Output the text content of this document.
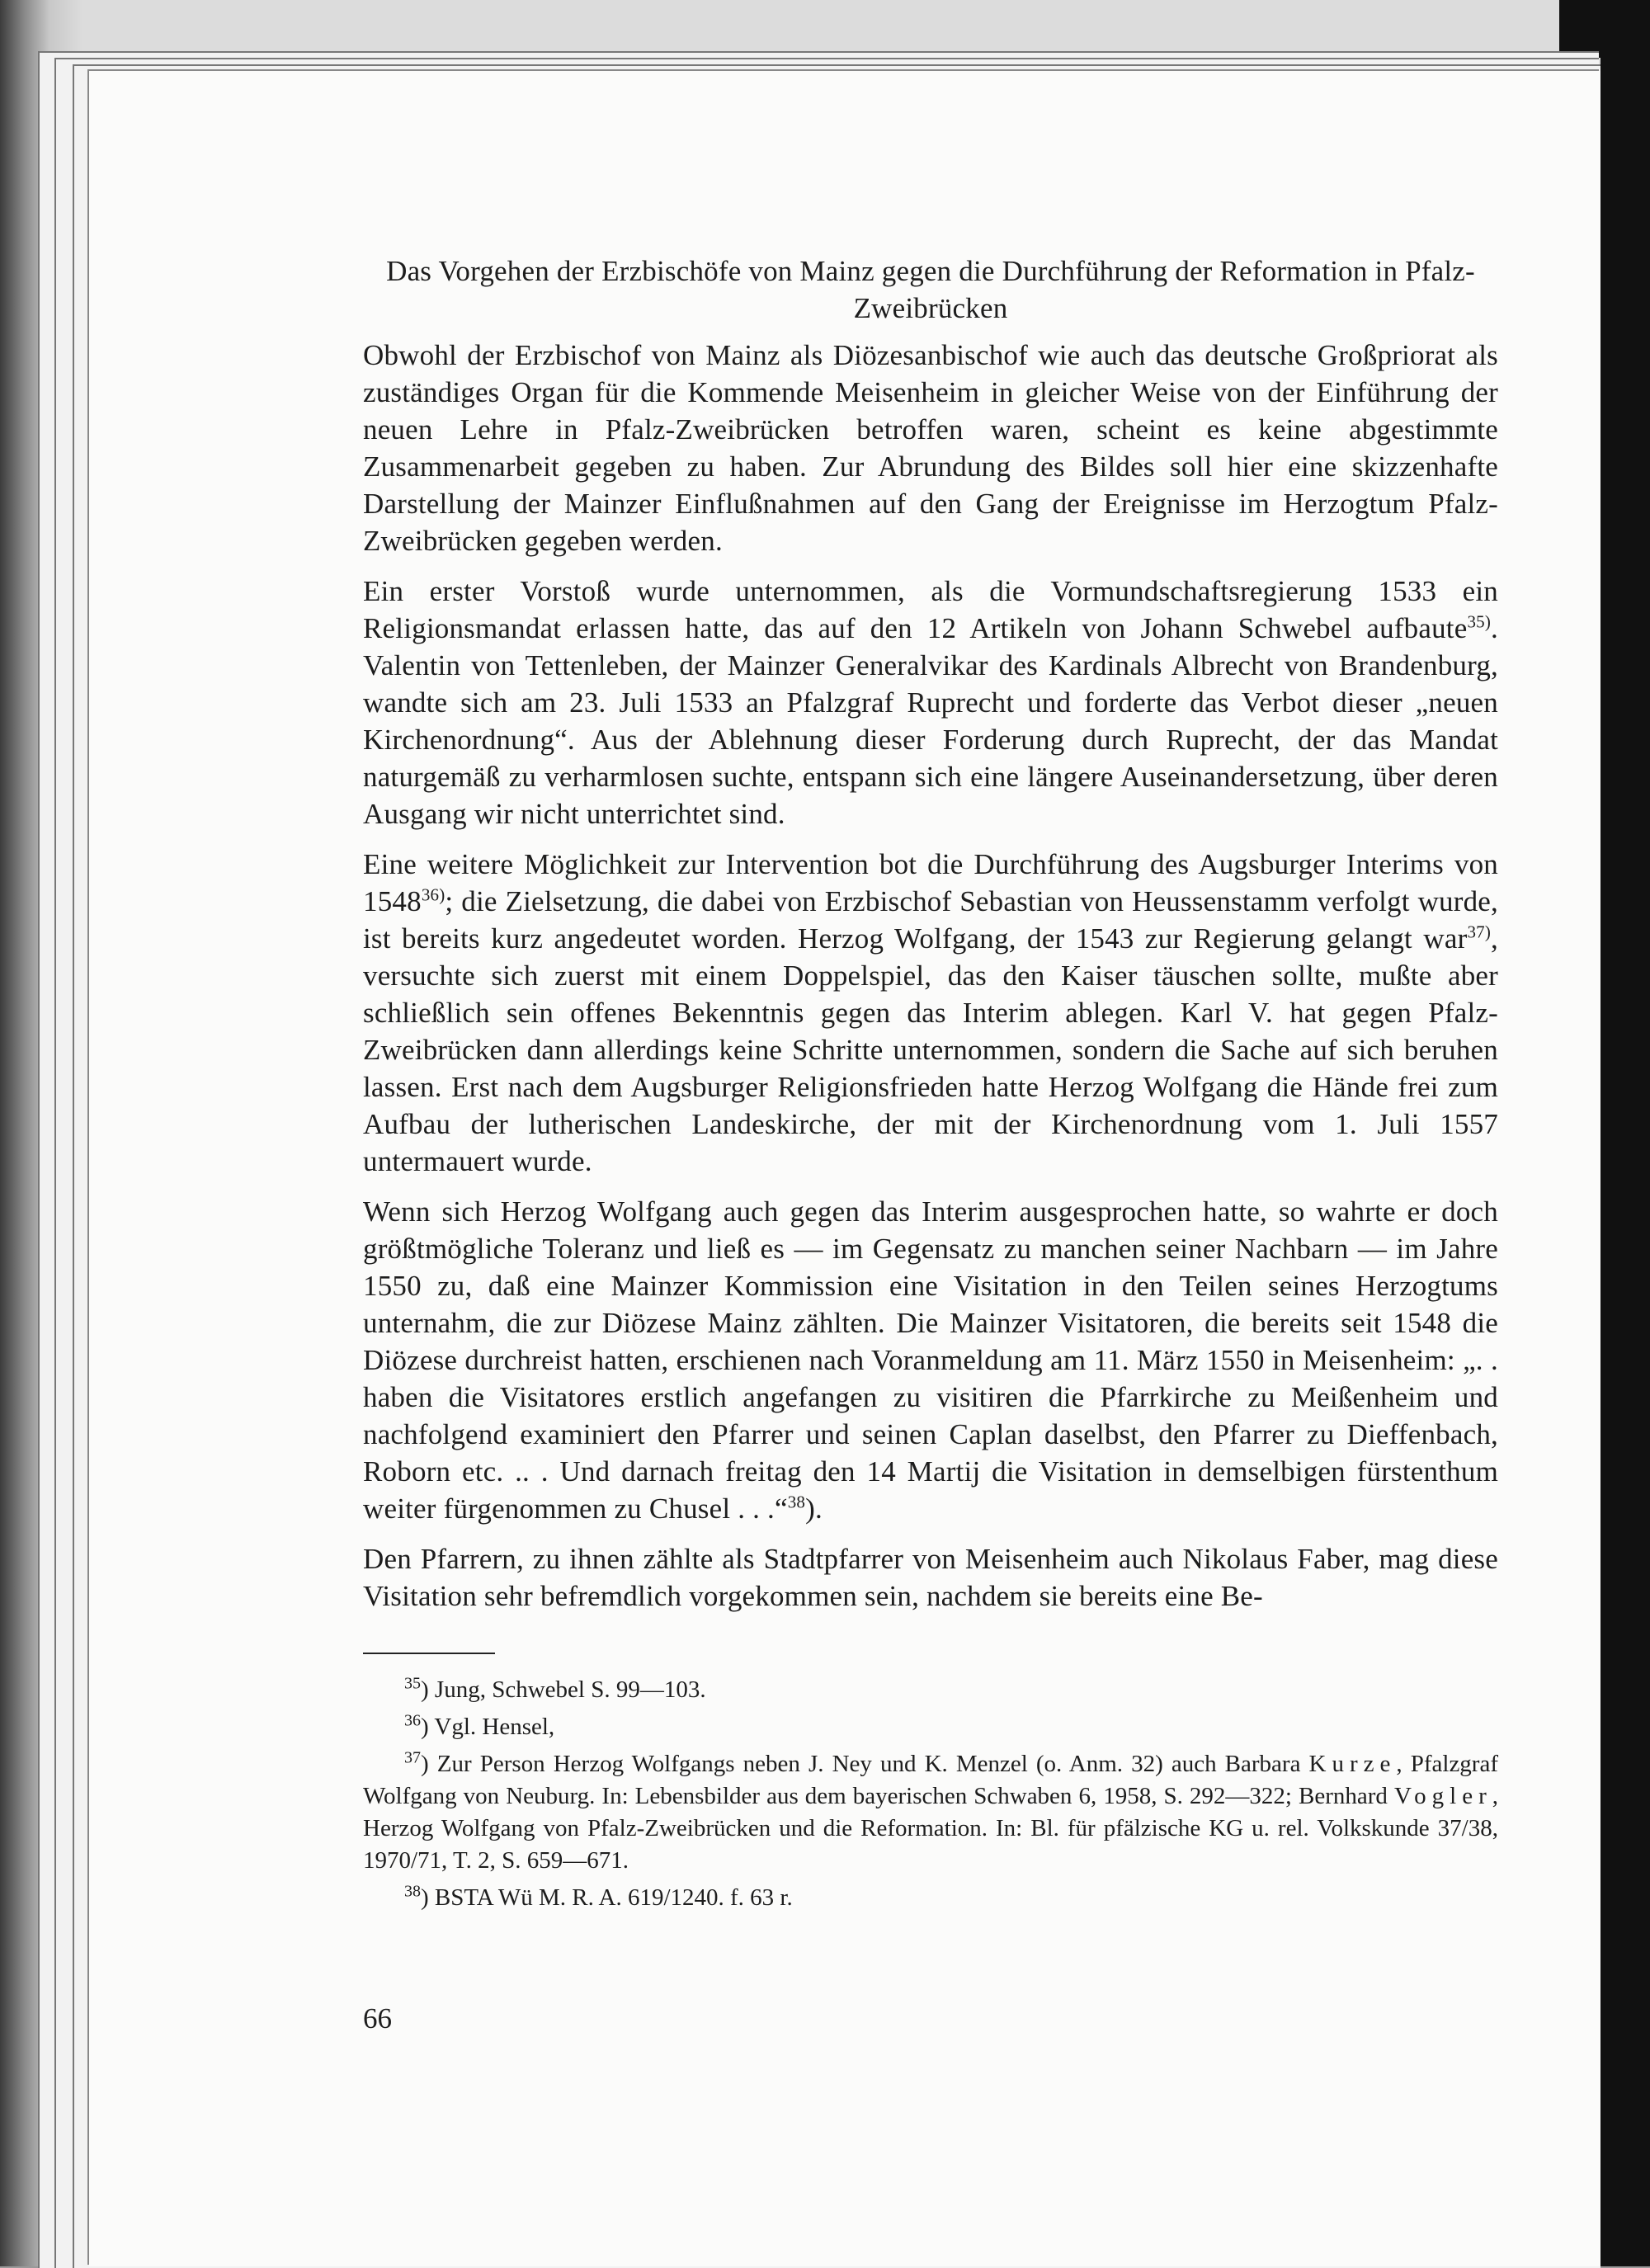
Das Vorgehen der Erzbischöfe von Mainz gegen die Durchführung der Reformation in Pfalz-Zweibrücken

Obwohl der Erzbischof von Mainz als Diözesanbischof wie auch das deutsche Großpriorat als zuständiges Organ für die Kommende Meisenheim in gleicher Weise von der Einführung der neuen Lehre in Pfalz-Zweibrücken betroffen waren, scheint es keine abgestimmte Zusammenarbeit gegeben zu haben. Zur Abrundung des Bildes soll hier eine skizzenhafte Darstellung der Mainzer Einflußnahmen auf den Gang der Ereignisse im Herzogtum Pfalz-Zweibrücken gegeben werden.

Ein erster Vorstoß wurde unternommen, als die Vormundschaftsregierung 1533 ein Religionsmandat erlassen hatte, das auf den 12 Artikeln von Johann Schwebel aufbaute$^{35)}$. Valentin von Tettenleben, der Mainzer Generalvikar des Kardinals Albrecht von Brandenburg, wandte sich am 23. Juli 1533 an Pfalzgraf Ruprecht und forderte das Verbot dieser „neuen Kirchenordnung“. Aus der Ablehnung dieser Forderung durch Ruprecht, der das Mandat naturgemäß zu verharmlosen suchte, entspann sich eine längere Auseinandersetzung, über deren Ausgang wir nicht unterrichtet sind.

Eine weitere Möglichkeit zur Intervention bot die Durchführung des Augsburger Interims von 1548$^{36)}$; die Zielsetzung, die dabei von Erzbischof Sebastian von Heussenstamm verfolgt wurde, ist bereits kurz angedeutet worden. Herzog Wolfgang, der 1543 zur Regierung gelangt war$^{37)}$, versuchte sich zuerst mit einem Doppelspiel, das den Kaiser täuschen sollte, mußte aber schließlich sein offenes Bekenntnis gegen das Interim ablegen. Karl V. hat gegen Pfalz-Zweibrücken dann allerdings keine Schritte unternommen, sondern die Sache auf sich beruhen lassen. Erst nach dem Augsburger Religionsfrieden hatte Herzog Wolfgang die Hände frei zum Aufbau der lutherischen Landeskirche, der mit der Kirchenordnung vom 1. Juli 1557 untermauert wurde.

Wenn sich Herzog Wolfgang auch gegen das Interim ausgesprochen hatte, so wahrte er doch größtmögliche Toleranz und ließ es — im Gegensatz zu manchen seiner Nachbarn — im Jahre 1550 zu, daß eine Mainzer Kommission eine Visitation in den Teilen seines Herzogtums unternahm, die zur Diözese Mainz zählten. Die Mainzer Visitatoren, die bereits seit 1548 die Diözese durchreist hatten, erschienen nach Voranmeldung am 11. März 1550 in Meisenheim: „. . haben die Visitatores erstlich angefangen zu visitiren die Pfarrkirche zu Meißenheim und nachfolgend examiniert den Pfarrer und seinen Caplan daselbst, den Pfarrer zu Dieffenbach, Roborn etc. .. . Und darnach freitag den 14 Martij die Visitation in demselbigen fürstenthum weiter fürgenommen zu Chusel . . .“$^{38}$).

Den Pfarrern, zu ihnen zählte als Stadtpfarrer von Meisenheim auch Nikolaus Faber, mag diese Visitation sehr befremdlich vorgekommen sein, nachdem sie bereits eine Be-

$^{35}$) Jung, Schwebel S. 99—103.

$^{36}$) Vgl. Hensel,

$^{37}$) Zur Person Herzog Wolfgangs neben J. Ney und K. Menzel (o. Anm. 32) auch Barbara Kurze, Pfalzgraf Wolfgang von Neuburg. In: Lebensbilder aus dem bayerischen Schwaben 6, 1958, S. 292—322; Bernhard Vogler, Herzog Wolfgang von Pfalz-Zweibrücken und die Reformation. In: Bl. für pfälzische KG u. rel. Volkskunde 37/38, 1970/71, T. 2, S. 659—671.

$^{38}$) BSTA Wü M. R. A. 619/1240. f. 63 r.

66
